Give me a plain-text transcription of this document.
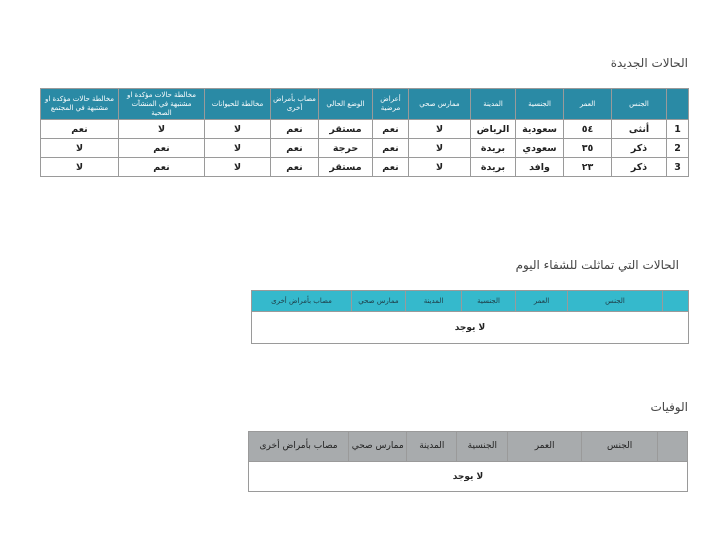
الحالات الجديدة
	الجنس	العمر	الجنسية	المدينة	ممارس صحي	أعراض مرضية	الوضع الحالي	مصاب بأمراض أخرى	مخالطة للحيوانات	مخالطة حالات مؤكدة او مشتبهة في المنشآت الصحية	مخالطة حالات مؤكدة او مشتبهة في المجتمع
1	أنثى	٥٤	سعودية	الرياض	لا	نعم	مستقر	نعم	لا	لا	نعم
2	ذكر	٣٥	سعودي	بريدة	لا	نعم	حرجة	نعم	لا	نعم	لا
3	ذكر	٢٣	وافد	بريدة	لا	نعم	مستقر	نعم	لا	نعم	لا
الحالات التي تماثلت للشفاء اليوم
	الجنس	العمر	الجنسية	المدينة	ممارس صحي	مصاب بأمراض أخرى
لا يوجد
الوفيات
	الجنس	العمر	الجنسية	المدينة	ممارس صحي	مصاب بأمراض أخرى
لا يوجد
